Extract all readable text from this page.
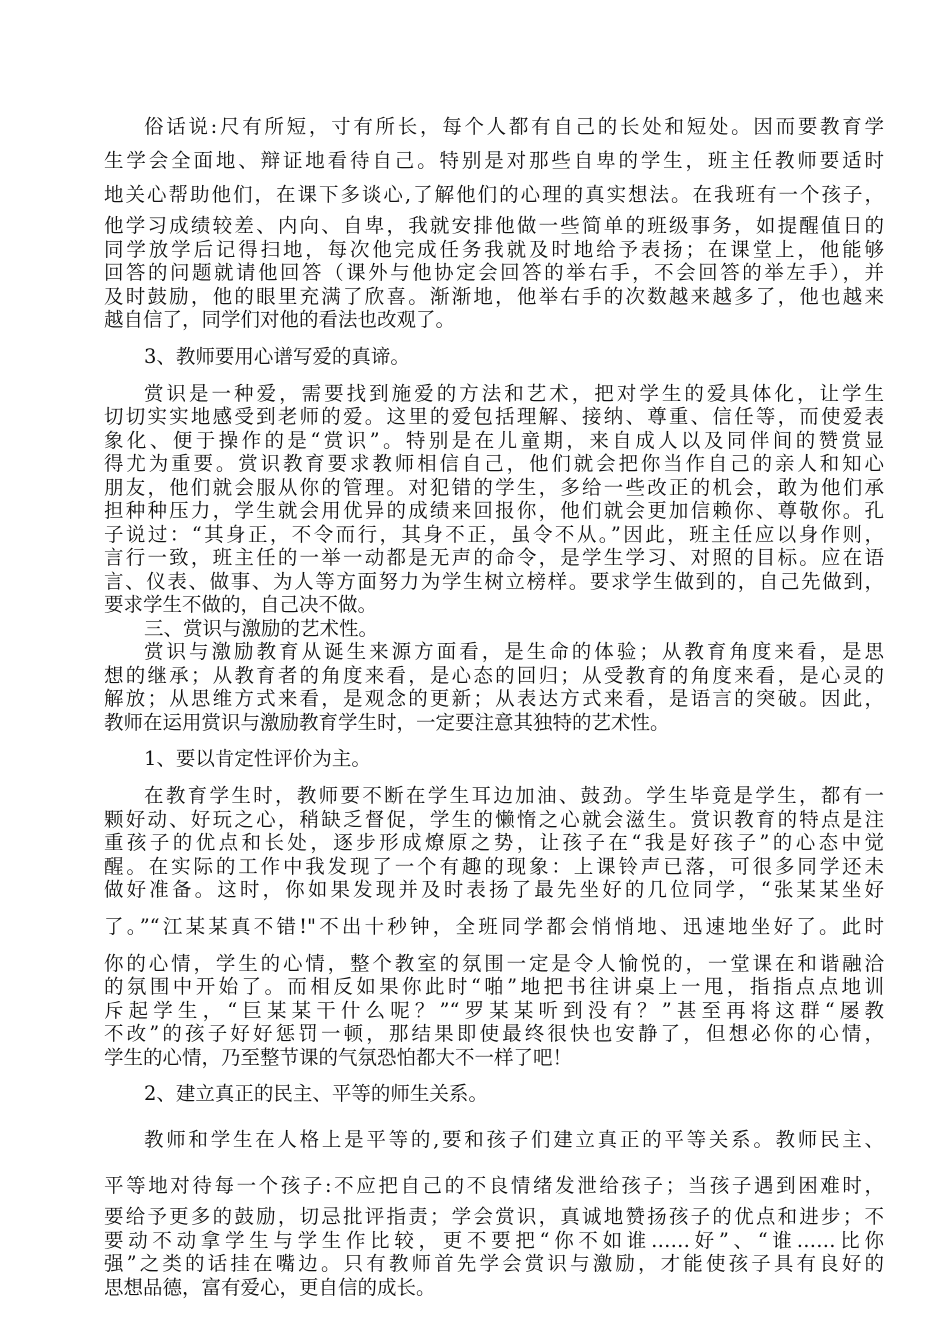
俗话说:尺有所短，寸有所长，每个人都有自己的长处和短处。因而要教育学
生学会全面地、辩证地看待自己。特别是对那些自卑的学生，班主任教师要适时
地关心帮助他们，在课下多谈心,了解他们的心理的真实想法。在我班有一个孩子，
他学习成绩较差、内向、自卑，我就安排他做一些简单的班级事务，如提醒值日的
同学放学后记得扫地，每次他完成任务我就及时地给予表扬；在课堂上，他能够
回答的问题就请他回答（课外与他协定会回答的举右手，不会回答的举左手），并
及时鼓励，他的眼里充满了欣喜。渐渐地，他举右手的次数越来越多了，他也越来
越自信了，同学们对他的看法也改观了。
3、教师要用心谱写爱的真谛。
赏识是一种爱，需要找到施爱的方法和艺术，把对学生的爱具体化，让学生
切切实实地感受到老师的爱。这里的爱包括理解、接纳、尊重、信任等，而使爱表
象化、便于操作的是“赏识”。特别是在儿童期，来自成人以及同伴间的赞赏显
得尤为重要。赏识教育要求教师相信自己，他们就会把你当作自己的亲人和知心
朋友，他们就会服从你的管理。对犯错的学生，多给一些改正的机会，敢为他们承
担种种压力，学生就会用优异的成绩来回报你，他们就会更加信赖你、尊敬你。孔
子说过：“其身正，不令而行，其身不正，虽令不从。”因此，班主任应以身作则，
言行一致，班主任的一举一动都是无声的命令，是学生学习、对照的目标。应在语
言、仪表、做事、为人等方面努力为学生树立榜样。要求学生做到的，自己先做到，
要求学生不做的，自己决不做。
三、赏识与激励的艺术性。
赏识与激励教育从诞生来源方面看，是生命的体验；从教育角度来看，是思
想的继承；从教育者的角度来看，是心态的回归；从受教育的角度来看，是心灵的
解放；从思维方式来看，是观念的更新；从表达方式来看，是语言的突破。因此，
教师在运用赏识与激励教育学生时，一定要注意其独特的艺术性。
1、要以肯定性评价为主。
在教育学生时，教师要不断在学生耳边加油、鼓劲。学生毕竟是学生，都有一
颗好动、好玩之心，稍缺乏督促，学生的懒惰之心就会滋生。赏识教育的特点是注
重孩子的优点和长处，逐步形成燎原之势，让孩子在“我是好孩子”的心态中觉
醒。在实际的工作中我发现了一个有趣的现象：上课铃声已落，可很多同学还未
做好准备。这时，你如果发现并及时表扬了最先坐好的几位同学，“张某某坐好
了。”“江某某真不错!"不出十秒钟，全班同学都会悄悄地、迅速地坐好了。此时
你的心情，学生的心情，整个教室的氛围一定是令人愉悦的，一堂课在和谐融洽
的氛围中开始了。而相反如果你此时“啪”地把书往讲桌上一甩，指指点点地训
斥起学生，“巨某某干什么呢？”“罗某某听到没有？”甚至再将这群“屡教
不改”的孩子好好惩罚一顿，那结果即使最终很快也安静了，但想必你的心情，
学生的心情，乃至整节课的气氛恐怕都大不一样了吧！
2、建立真正的民主、平等的师生关系。
教师和学生在人格上是平等的,要和孩子们建立真正的平等关系。教师民主、
平等地对待每一个孩子:不应把自己的不良情绪发泄给孩子；当孩子遇到困难时，
要给予更多的鼓励，切忌批评指责；学会赏识，真诚地赞扬孩子的优点和进步；不
要动不动拿学生与学生作比较，更不要把“你不如谁……好”、“谁……比你
强”之类的话挂在嘴边。只有教师首先学会赏识与激励，才能使孩子具有良好的
思想品德，富有爱心，更自信的成长。
